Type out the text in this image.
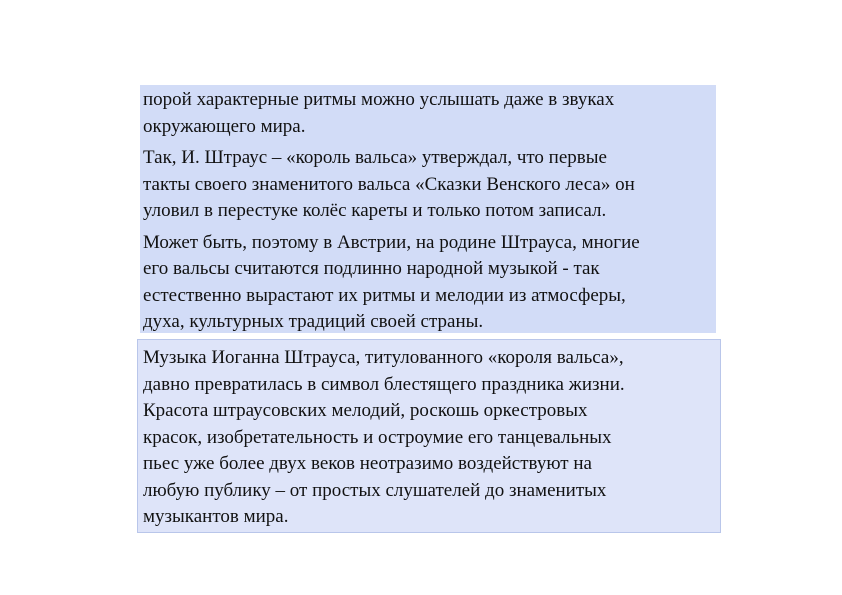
порой характерные ритмы можно услышать даже в звуках
окружающего мира.

Так, И. Штраус – «король вальса» утверждал, что первые
такты своего знаменитого вальса «Сказки Венского леса» он
уловил в перестуке колёс кареты и только потом записал.

Может быть, поэтому в Австрии, на родине Штрауса, многие
его вальсы считаются подлинно народной музыкой - так
естественно вырастают их ритмы и мелодии из атмосферы,
духа, культурных традиций своей страны.

Музыка Иоганна Штрауса, титулованного «короля вальса»,
давно превратилась в символ блестящего праздника жизни.
Красота штраусовских мелодий, роскошь оркестровых
красок, изобретательность и остроумие его танцевальных
пьес уже более двух веков неотразимо воздействуют на
любую публику – от простых слушателей до знаменитых
музыкантов мира.
